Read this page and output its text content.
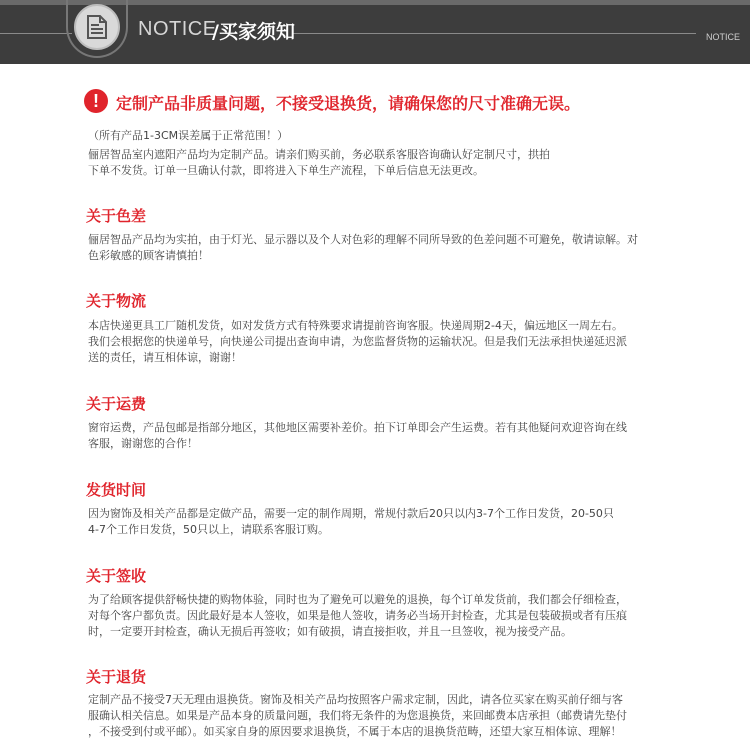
NOTICE
/买家须知	NOTICE
!	定制产品非质量问题，不接受退换货，请确保您的尺寸准确无误。
（所有产品1-3CM误差属于正常范围！）
俪居智品室内遮阳产品均为定制产品。请亲们购买前，务必联系客服咨询确认好定制尺寸，拱拍
下单不发货。订单一旦确认付款，即将进入下单生产流程，下单后信息无法更改。
关于色差
俪居智品产品均为实拍，由于灯光、显示器以及个人对色彩的理解不同所导致的色差问题不可避免，敬请谅解。对
色彩敏感的顾客请慎拍！
关于物流
本店快递更具工厂随机发货，如对发货方式有特殊要求请提前咨询客服。快递周期2-4天，偏远地区一周左右。
我们会根据您的快递单号，向快递公司提出查询申请，为您监督货物的运输状况。但是我们无法承担快递延迟派
送的责任，请互相体谅，谢谢！
关于运费
窗帘运费，产品包邮是指部分地区，其他地区需要补差价。拍下订单即会产生运费。若有其他疑问欢迎咨询在线
客服，谢谢您的合作！
发货时间
因为窗饰及相关产品都是定做产品，需要一定的制作周期，常规付款后20只以内3-7个工作日发货，20-50只
4-7个工作日发货，50只以上，请联系客服订购。
关于签收
为了给顾客提供舒畅快捷的购物体验，同时也为了避免可以避免的退换，每个订单发货前，我们都会仔细检查，
对每个客户都负责。因此最好是本人签收，如果是他人签收，请务必当场开封检查，尤其是包装破损或者有压痕
时，一定要开封检查，确认无损后再签收；如有破损，请直接拒收，并且一旦签收，视为接受产品。
关于退货
定制产品不接受7天无理由退换货。窗饰及相关产品均按照客户需求定制，因此，请各位买家在购买前仔细与客
服确认相关信息。如果是产品本身的质量问题，我们将无条件的为您退换货，来回邮费本店承担（邮费请先垫付
，不接受到付或平邮）。如买家自身的原因要求退换货，不属于本店的退换货范畴，还望大家互相体谅、理解！
